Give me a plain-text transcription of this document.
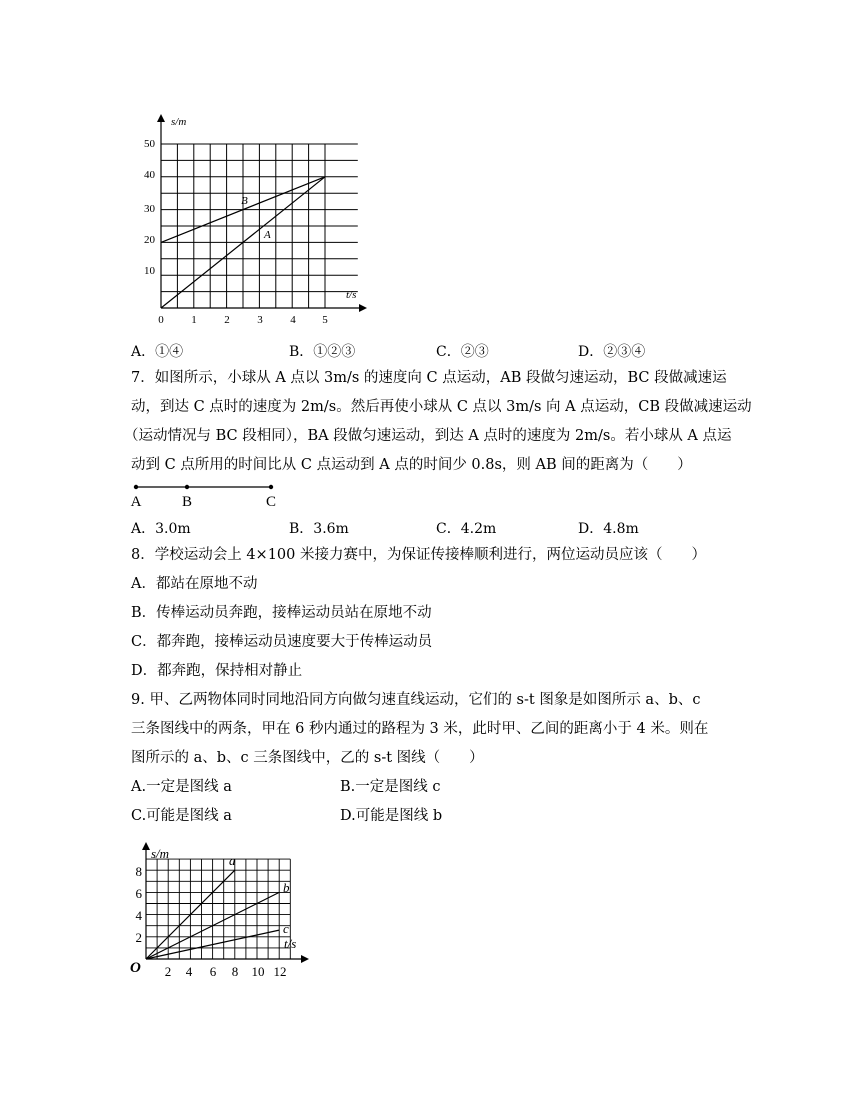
s/m
t/s
50
40
30
20
10
0	1	2	3	4 5
B
A
A．①④	B．①②③	C．②③	D．②③④
7．如图所示，小球从 A 点以 3m/s 的速度向 C 点运动，AB 段做匀速运动，BC 段做减速运
动，到达 C 点时的速度为 2m/s。然后再使小球从 C 点以 3m/s 向 A 点运动，CB 段做减速运动
（运动情况与 BC 段相同），BA 段做匀速运动，到达 A 点时的速度为 2m/s。若小球从 A 点运
动到 C 点所用的时间比从 C 点运动到 A 点的时间少 0.8s，则 AB 间的距离为（　　）
A	B	C
A．3.0m	B．3.6m	C．4.2m	D．4.8m
8．学校运动会上 4×100 米接力赛中，为保证传接棒顺利进行，两位运动员应该（　　）
A．都站在原地不动
B．传棒运动员奔跑，接棒运动员站在原地不动
C．都奔跑，接棒运动员速度要大于传棒运动员
D．都奔跑，保持相对静止
9. 甲、乙两物体同时同地沿同方向做匀速直线运动，它们的 s-t 图象是如图所示 a、b、c
三条图线中的两条，甲在 6 秒内通过的路程为 3 米，此时甲、乙间的距离小于 4 米。则在
图所示的 a、b、c 三条图线中，乙的 s-t 图线（　　）
A.一定是图线 a	B.一定是图线 c
C.可能是图线 a	D.可能是图线 b
s/m
t/s
O
8
6
4
2
2 4 6 8 10 12
a
b
c
